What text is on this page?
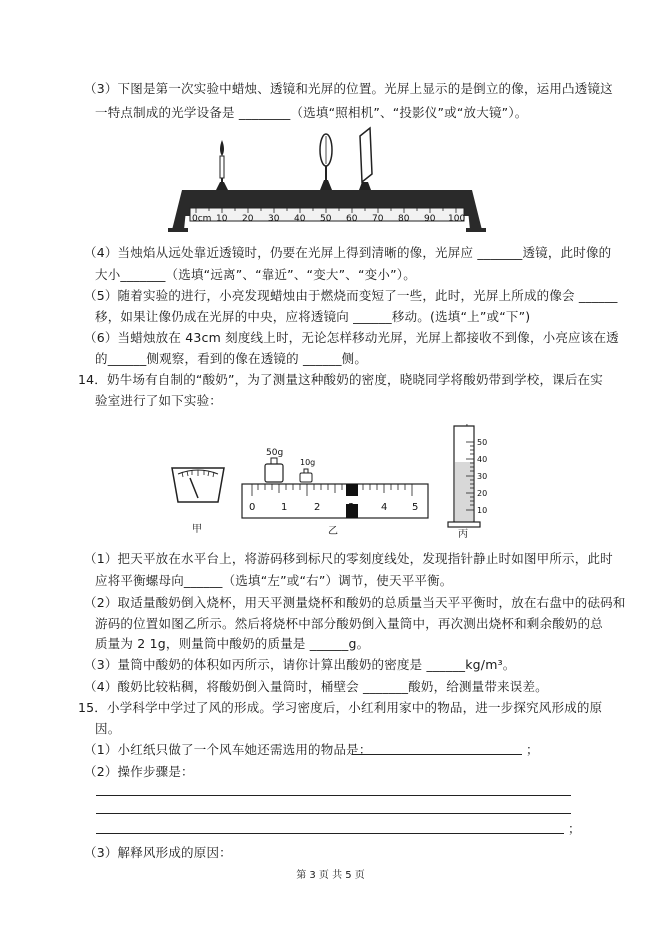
（3）下图是第一次实验中蜡烛、透镜和光屏的位置。光屏上显示的是倒立的像，运用凸透镜这
一特点制成的光学设备是 ________（选填“照相机”、“投影仪”或“放大镜”）。
0cm 10 20 30 40 50 60 70 80 90 100
（4）当烛焰从远处靠近透镜时，仍要在光屏上得到清晰的像，光屏应 _______透镜，此时像的
大小_______（选填“远离”、“靠近”、“变大”、“变小”）。
（5）随着实验的进行，小亮发现蜡烛由于燃烧而变短了一些，此时，光屏上所成的像会 ______
移，如果让像仍成在光屏的中央，应将透镜向 ______移动。(选填“上”或“下”)
（6）当蜡烛放在 43cm 刻度线上时，无论怎样移动光屏，光屏上都接收不到像，小亮应该在透
的______侧观察，看到的像在透镜的 ______侧。
14．奶牛场有自制的“酸奶”，为了测量这种酸奶的密度，晓晓同学将酸奶带到学校，课后在实
验室进行了如下实验：
甲
50g
10g
0	1	2	4 5
乙
50
40
30
20
10
丙
（1）把天平放在水平台上，将游码移到标尺的零刻度线处，发现指针静止时如图甲所示，此时
应将平衡螺母向______（选填“左”或“右”）调节，使天平平衡。
（2）取适量酸奶倒入烧杯，用天平测量烧杯和酸奶的总质量当天平平衡时，放在右盘中的砝码和
游码的位置如图乙所示。然后将烧杯中部分酸奶倒入量筒中，再次测出烧杯和剩余酸奶的总
质量为 2 1g，则量筒中酸奶的质量是 ______g。
（3）量筒中酸奶的体积如丙所示，请你计算出酸奶的密度是 ______kg/m³。
（4）酸奶比较粘稠，将酸奶倒入量筒时，桶壁会 _______酸奶，给测量带来误差。
15．小学科学中学过了风的形成。学习密度后，小红利用家中的物品，进一步探究风形成的原
因。
（1）小红纸只做了一个风车她还需选用的物品是：	；
（2）操作步骤是：
；
（3）解释风形成的原因：
第 3 页 共 5 页
